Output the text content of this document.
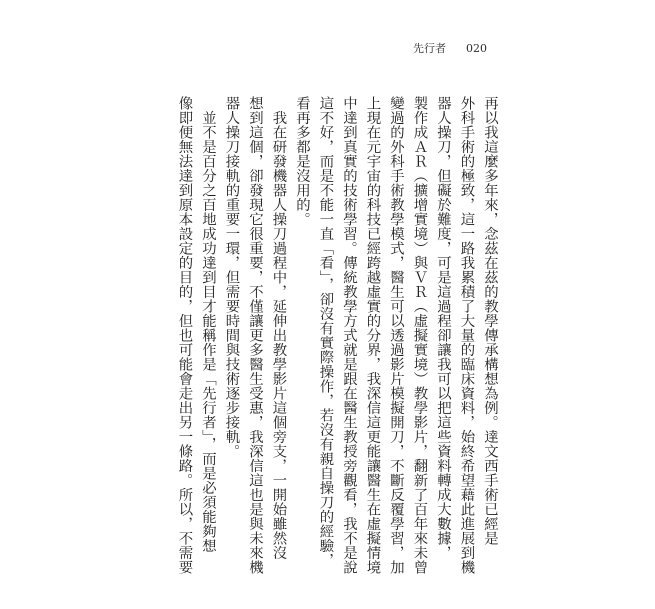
先行者 020
再以我這麼多年來，念茲在茲的教學傳承構想為例。達文西手術已經是
外科手術的極致，這一路我累積了大量的臨床資料，始終希望藉此進展到機
器人操刀，但礙於難度，可是這過程卻讓我可以把這些資料轉成大數據，
製作成ＡＲ（擴增實境）與ＶＲ（虛擬實境）教學影片，翻新了百年來未曾
變過的外科手術教學模式，醫生可以透過影片模擬開刀，不斷反覆學習，加
上現在元宇宙的科技已經跨越虛實的分界，我深信這更能讓醫生在虛擬情境
中達到真實的技術學習。傳統教學方式就是跟在醫生教授旁觀看，我不是說
這不好，而是不能一直「看」，卻沒有實際操作，若沒有親自操刀的經驗，
看再多都是沒用的。
　我在研發機器人操刀過程中，延伸出教學影片這個旁支，一開始雖然沒
想到這個，卻發現它很重要，不僅讓更多醫生受惠，我深信這也是與未來機
器人操刀接軌的重要一環，但需要時間與技術逐步接軌。
　並不是百分之百地成功達到目才能稱作是「先行者」，而是必須能夠想
像即便無法達到原本設定的目的，但也可能會走出另一條路。所以，不需要
